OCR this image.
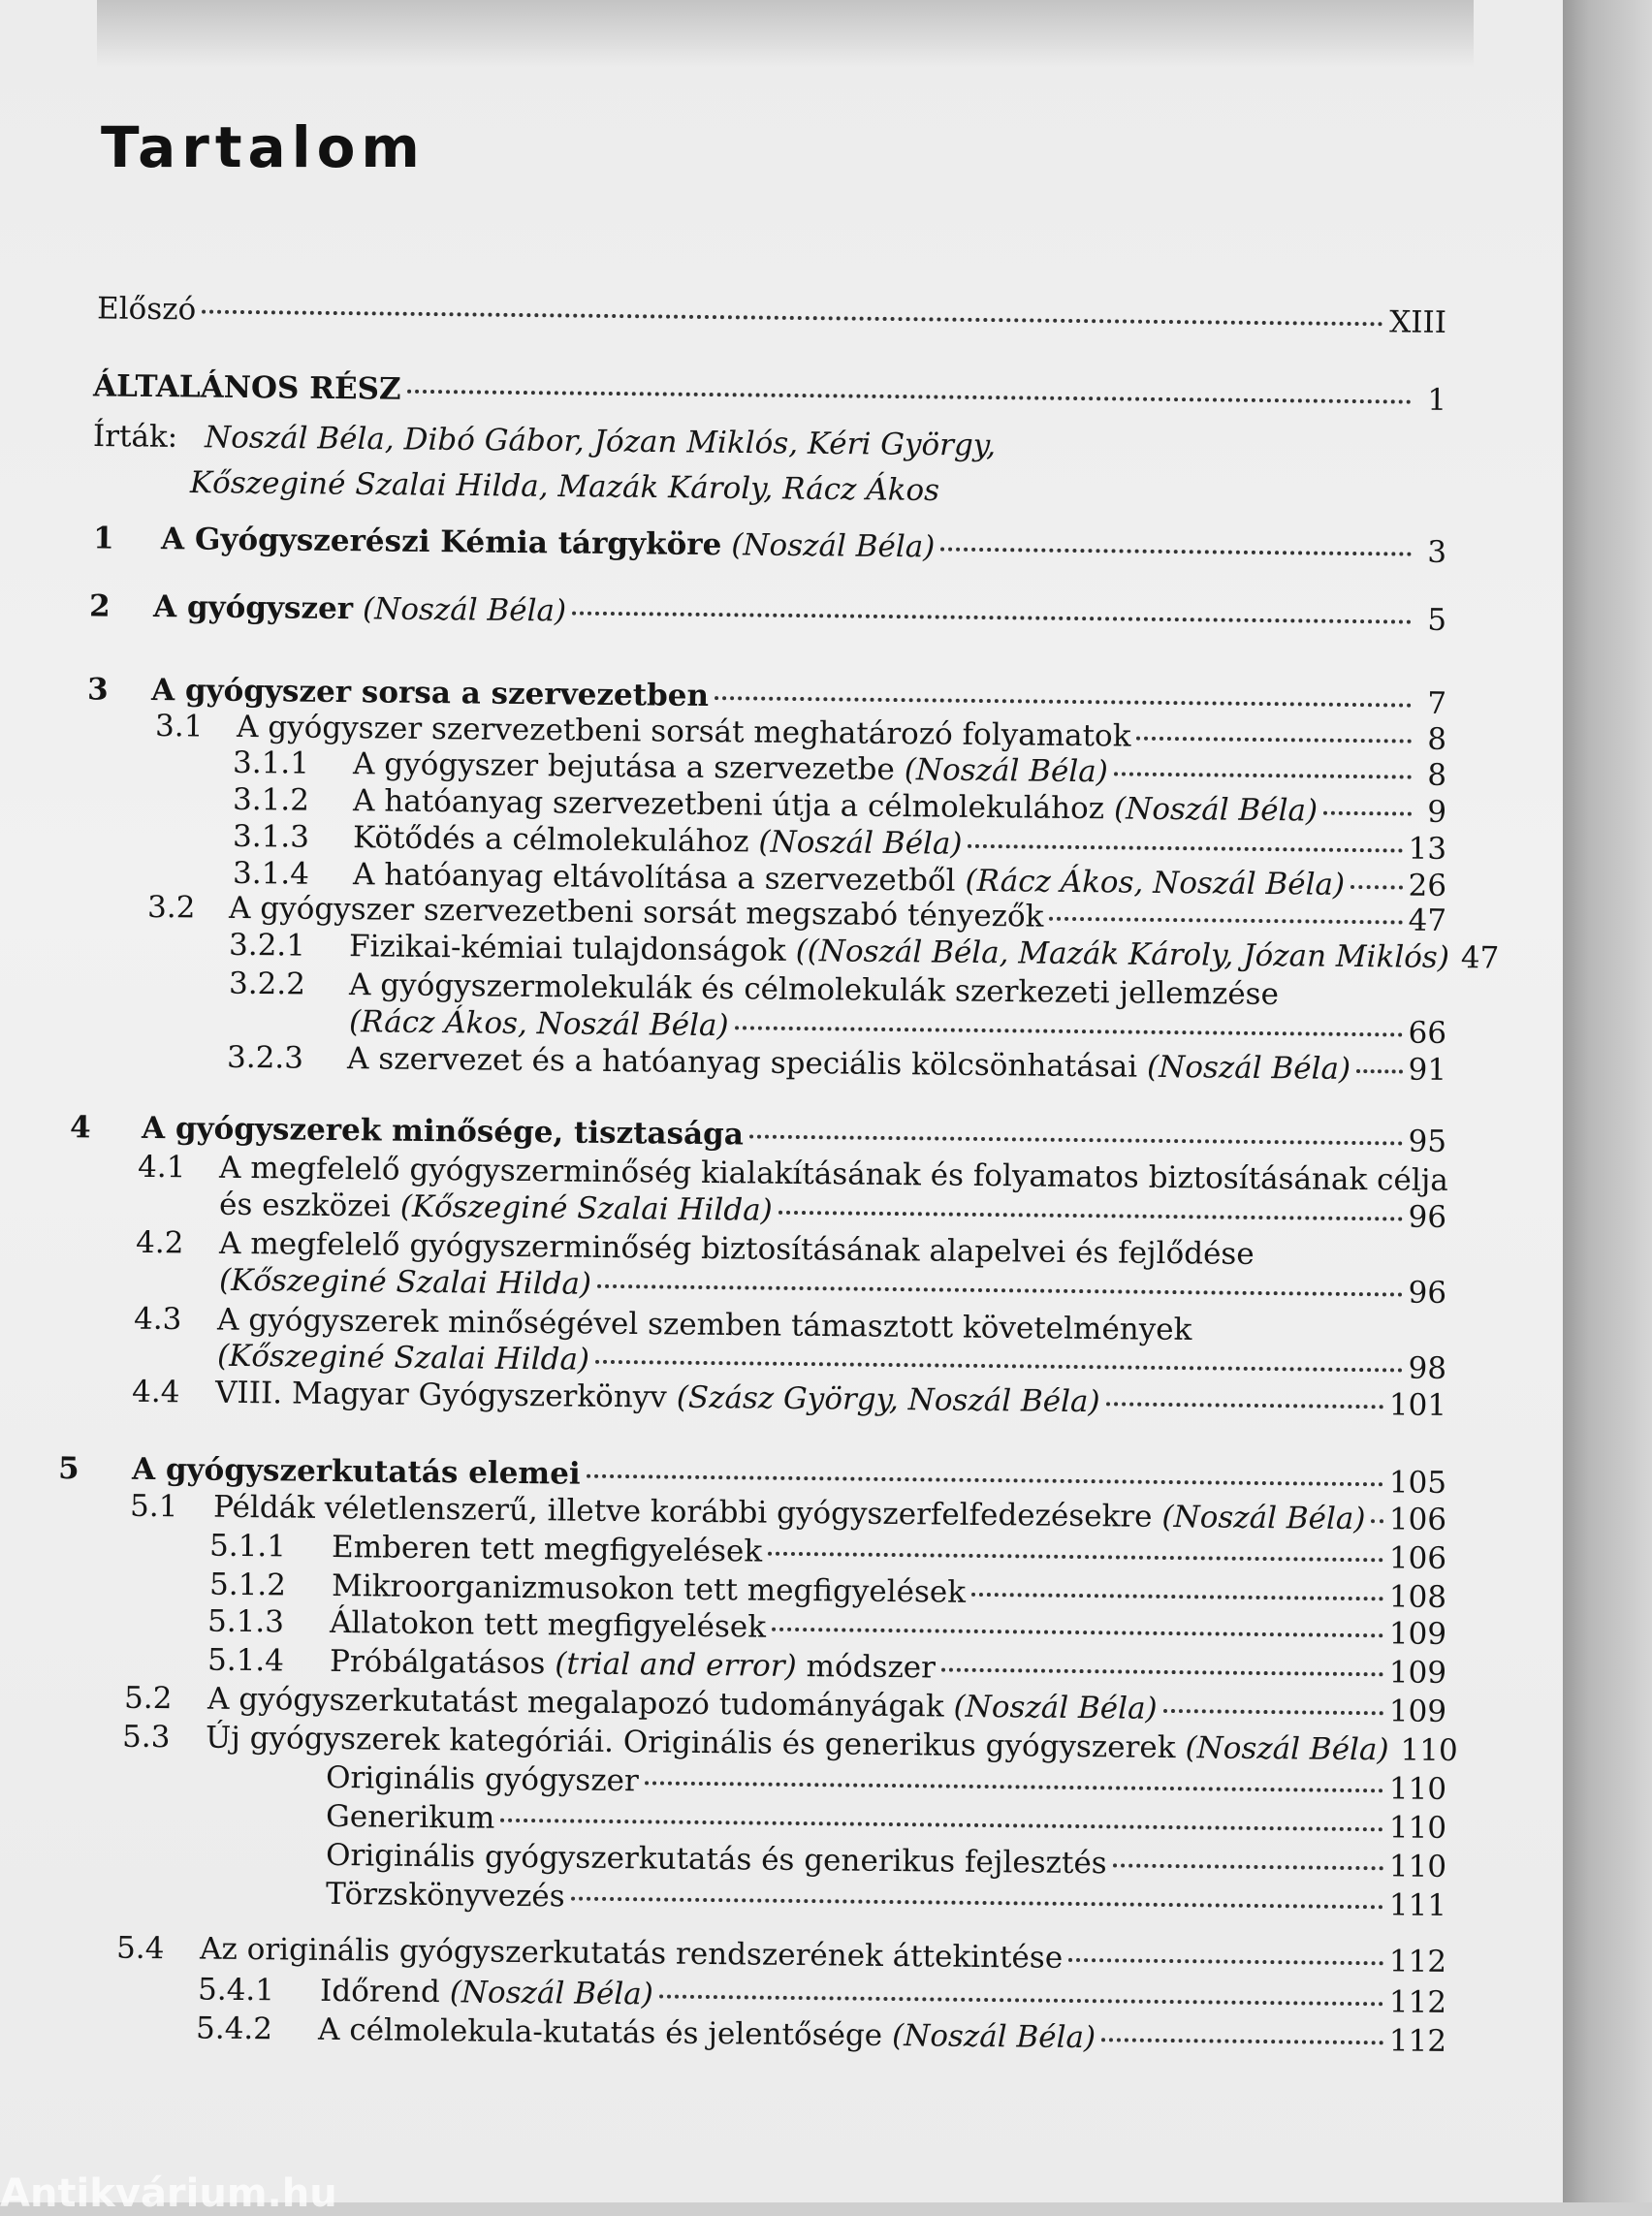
Tartalom
Előszó	XIII
ÁLTALÁNOS RÉSZ	1
Írták: Noszál Béla, Dibó Gábor, Józan Miklós, Kéri György,
Kőszeginé Szalai Hilda, Mazák Károly, Rácz Ákos
1	A Gyógyszerészi Kémia tárgyköre (Noszál Béla)	3
2	A gyógyszer (Noszál Béla)	5
3	A gyógyszer sorsa a szervezetben	7
3.1	A gyógyszer szervezetbeni sorsát meghatározó folyamatok	8
3.1.1	A gyógyszer bejutása a szervezetbe (Noszál Béla)	8
3.1.2	A hatóanyag szervezetbeni útja a célmolekulához (Noszál Béla)	9
3.1.3	Kötődés a célmolekulához (Noszál Béla)	13
3.1.4	A hatóanyag eltávolítása a szervezetből (Rácz Ákos, Noszál Béla) 26
3.2	A gyógyszer szervezetbeni sorsát megszabó tényezők	47
3.2.1	Fizikai-kémiai tulajdonságok ((Noszál Béla, Mazák Károly, Józan Miklós) 47
3.2.2	A gyógyszermolekulák és célmolekulák szerkezeti jellemzése
(Rácz Ákos, Noszál Béla)	66
3.2.3	A szervezet és a hatóanyag speciális kölcsönhatásai (Noszál Béla) 91
4	A gyógyszerek minősége, tisztasága	95
4.1	A megfelelő gyógyszerminőség kialakításának és folyamatos biztosításának célja
és eszközei (Kőszeginé Szalai Hilda)	96
4.2	A megfelelő gyógyszerminőség biztosításának alapelvei és fejlődése
(Kőszeginé Szalai Hilda)	96
4.3	A gyógyszerek minőségével szemben támasztott követelmények
(Kőszeginé Szalai Hilda)	98
4.4	VIII. Magyar Gyógyszerkönyv (Szász György, Noszál Béla)	101
5	A gyógyszerkutatás elemei	105
5.1	Példák véletlenszerű, illetve korábbi gyógyszerfelfedezésekre (Noszál Béla) 106
5.1.1	Emberen tett megfigyelések	106
5.1.2	Mikroorganizmusokon tett megfigyelések	108
5.1.3	Állatokon tett megfigyelések	109
5.1.4	Próbálgatásos (trial and error) módszer	109
5.2	A gyógyszerkutatást megalapozó tudományágak (Noszál Béla)	109
5.3	Új gyógyszerek kategóriái. Originális és generikus gyógyszerek (Noszál Béla) 110
Originális gyógyszer	110
Generikum	110
Originális gyógyszerkutatás és generikus fejlesztés	110
Törzskönyvezés	111
5.4	Az originális gyógyszerkutatás rendszerének áttekintése	112
5.4.1	Időrend (Noszál Béla)	112
5.4.2	A célmolekula-kutatás és jelentősége (Noszál Béla)	112
Antikvárium.hu
